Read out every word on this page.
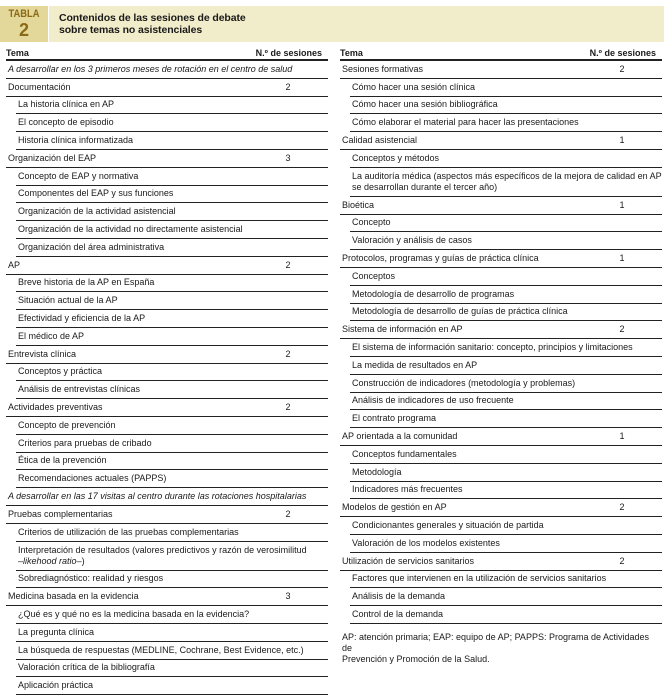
TABLA
2
Contenidos de las sesiones de debate
sobre temas no asistenciales
Tema	N.º de sesiones
A desarrollar en los 3 primeros meses de rotación en el centro de salud
Documentación	2
La historia clínica en AP
El concepto de episodio
Historia clínica informatizada
Organización del EAP	3
Concepto de EAP y normativa
Componentes del EAP y sus funciones
Organización de la actividad asistencial
Organización de la actividad no directamente asistencial
Organización del área administrativa
AP	2
Breve historia de la AP en España
Situación actual de la AP
Efectividad y eficiencia de la AP
El médico de AP
Entrevista clínica	2
Conceptos y práctica
Análisis de entrevistas clínicas
Actividades preventivas	2
Concepto de prevención
Criterios para pruebas de cribado
Ética de la prevención
Recomendaciones actuales (PAPPS)
A desarrollar en las 17 visitas al centro durante las rotaciones hospitalarias
Pruebas complementarias	2
Criterios de utilización de las pruebas complementarias
Interpretación de resultados (valores predictivos y razón de verosimilitud
–likehood ratio–)
Sobrediagnóstico: realidad y riesgos
Medicina basada en la evidencia	3
¿Qué es y qué no es la medicina basada en la evidencia?
La pregunta clínica
La búsqueda de respuestas (MEDLINE, Cochrane, Best Evidence, etc.)
Valoración crítica de la bibliografía
Aplicación práctica
Tema	N.º de sesiones
Sesiones formativas	2
Cómo hacer una sesión clínica
Cómo hacer una sesión bibliográfica
Cómo elaborar el material para hacer las presentaciones
Calidad asistencial	1
Conceptos y métodos
La auditoría médica (aspectos más específicos de la mejora de calidad en AP
se desarrollan durante el tercer año)
Bioética	1
Concepto
Valoración y análisis de casos
Protocolos, programas y guías de práctica clínica	1
Conceptos
Metodología de desarrollo de programas
Metodología de desarrollo de guías de práctica clínica
Sistema de información en AP	2
El sistema de información sanitario: concepto, principios y limitaciones
La medida de resultados en AP
Construcción de indicadores (metodología y problemas)
Análisis de indicadores de uso frecuente
El contrato programa
AP orientada a la comunidad	1
Conceptos fundamentales
Metodología
Indicadores más frecuentes
Modelos de gestión en AP	2
Condicionantes generales y situación de partida
Valoración de los modelos existentes
Utilización de servicios sanitarios	2
Factores que intervienen en la utilización de servicios sanitarios
Análisis de la demanda
Control de la demanda
AP: atención primaria; EAP: equipo de AP; PAPPS: Programa de Actividades de
Prevención y Promoción de la Salud.
